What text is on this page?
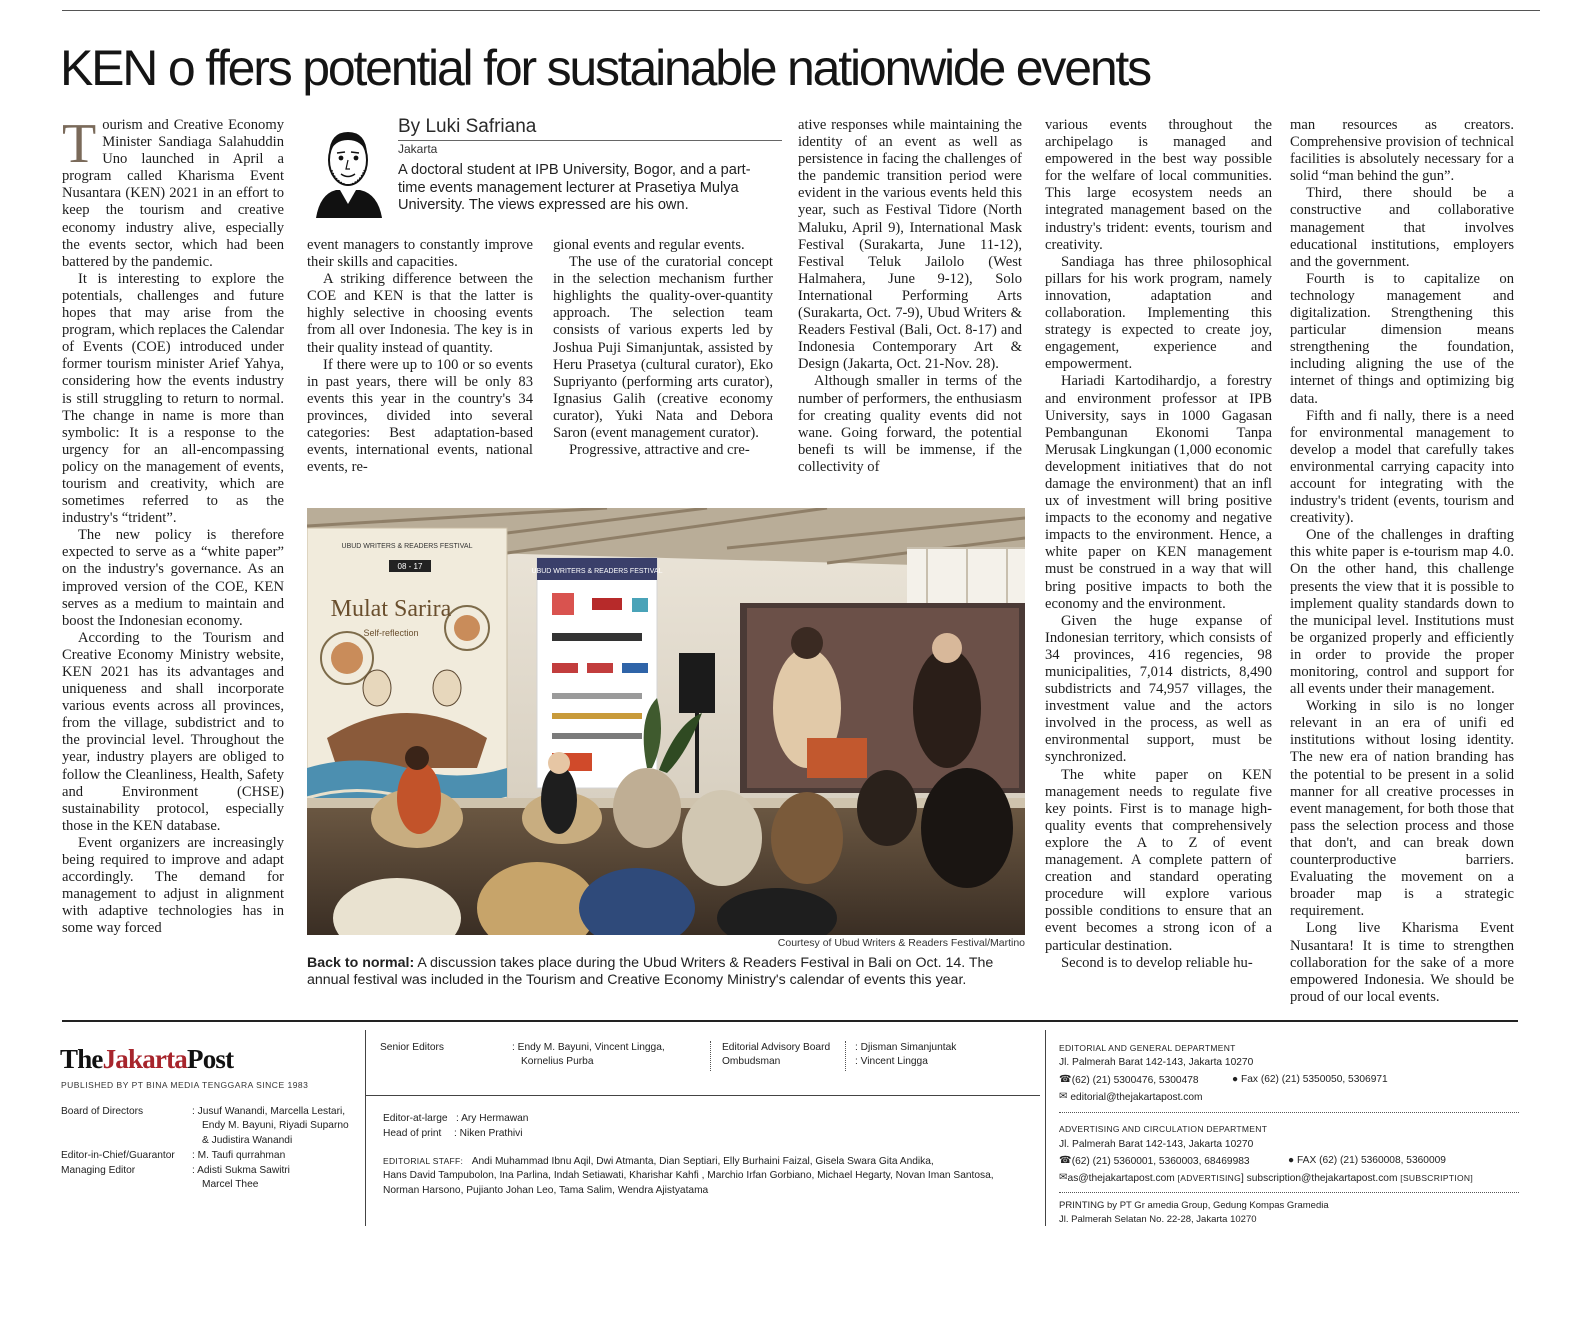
KEN o ffers potential for sustainable nationwide events

Tourism and Creative Economy Minister Sandiaga Salahuddin Uno launched in April a program called Kharisma Event Nusantara (KEN) 2021 in an effort to keep the tourism and creative economy industry alive, especially the events sector, which had been battered by the pandemic.

It is interesting to explore the potentials, challenges and future hopes that may arise from the program, which replaces the Calendar of Events (COE) introduced under former tourism minister Arief Yahya, considering how the events industry is still struggling to return to normal. The change in name is more than symbolic: It is a response to the urgency for an all-encompassing policy on the management of events, tourism and creativity, which are sometimes referred to as the industry's “trident”.

The new policy is therefore expected to serve as a “white paper” on the industry's governance. As an improved version of the COE, KEN serves as a medium to maintain and boost the Indonesian economy.

According to the Tourism and Creative Economy Ministry website, KEN 2021 has its advantages and uniqueness and shall incorporate various events across all provinces, from the village, subdistrict and to the provincial level. Throughout the year, industry players are obliged to follow the Cleanliness, Health, Safety and Environment (CHSE) sustainability protocol, especially those in the KEN database.

Event organizers are increasingly being required to improve and adapt accordingly. The demand for management to adjust in alignment with adaptive technologies has in some way forced

By Luki Safriana
Jakarta
A doctoral student at IPB University, Bogor, and a part-time events management lecturer at Prasetiya Mulya University. The views expressed are his own.

event managers to constantly improve their skills and capacities.

A striking difference between the COE and KEN is that the latter is highly selective in choosing events from all over Indonesia. The key is in their quality instead of quantity.

If there were up to 100 or so events in past years, there will be only 83 events this year in the country's 34 provinces, divided into several categories: Best adaptation-based events, international events, national events, re-

gional events and regular events.

The use of the curatorial concept in the selection mechanism further highlights the quality-over-quantity approach. The selection team consists of various experts led by Joshua Puji Simanjuntak, assisted by Heru Prasetya (cultural curator), Eko Supriyanto (performing arts curator), Ignasius Galih (creative economy curator), Yuki Nata and Debora Saron (event management curator).

Progressive, attractive and cre-

ative responses while maintaining the identity of an event as well as persistence in facing the challenges of the pandemic transition period were evident in the various events held this year, such as Festival Tidore (North Maluku, April 9), International Mask Festival (Surakarta, June 11-12), Festival Teluk Jailolo (West Halmahera, June 9-12), Solo International Performing Arts (Surakarta, Oct. 7-9), Ubud Writers & Readers Festival (Bali, Oct. 8-17) and Indonesia Contemporary Art & Design (Jakarta, Oct. 21-Nov. 28).

Although smaller in terms of the number of performers, the enthusiasm for creating quality events did not wane. Going forward, the potential benefi ts will be immense, if the collectivity of

various events throughout the archipelago is managed and empowered in the best way possible for the welfare of local communities. This large ecosystem needs an integrated management based on the industry's trident: events, tourism and creativity.

Sandiaga has three philosophical pillars for his work program, namely innovation, adaptation and collaboration. Implementing this strategy is expected to create joy, engagement, experience and empowerment.

Hariadi Kartodihardjo, a forestry and environment professor at IPB University, says in 1000 Gagasan Pembangunan Ekonomi Tanpa Merusak Lingkungan (1,000 economic development initiatives that do not damage the environment) that an infl ux of investment will bring positive impacts to the economy and negative impacts to the environment. Hence, a white paper on KEN management must be construed in a way that will bring positive impacts to both the economy and the environment.

Given the huge expanse of Indonesian territory, which consists of 34 provinces, 416 regencies, 98 municipalities, 7,014 districts, 8,490 subdistricts and 74,957 villages, the investment value and the actors involved in the process, as well as environmental support, must be synchronized.

The white paper on KEN management needs to regulate five key points. First is to manage high-quality events that comprehensively explore the A to Z of event management. A complete pattern of creation and standard operating procedure will explore various possible conditions to ensure that an event becomes a strong icon of a particular destination.

Second is to develop reliable hu-

man resources as creators. Comprehensive provision of technical facilities is absolutely necessary for a solid “man behind the gun”.

Third, there should be a constructive and collaborative management that involves educational institutions, employers and the government.

Fourth is to capitalize on technology management and digitalization. Strengthening this particular dimension means strengthening the foundation, including aligning the use of the internet of things and optimizing big data.

Fifth and fi nally, there is a need for environmental management to develop a model that carefully takes environmental carrying capacity into account for integrating with the industry's trident (events, tourism and creativity).

One of the challenges in drafting this white paper is e-tourism map 4.0. On the other hand, this challenge presents the view that it is possible to implement quality standards down to the municipal level. Institutions must be organized properly and efficiently in order to provide the proper monitoring, control and support for all events under their management.

Working in silo is no longer relevant in an era of unifi ed institutions without losing identity. The new era of nation branding has the potential to be present in a solid manner for all creative processes in event management, for both those that pass the selection process and those that don't, and can break down counterproductive barriers. Evaluating the movement on a broader map is a strategic requirement.

Long live Kharisma Event Nusantara! It is time to strengthen collaboration for the sake of a more empowered Indonesia. We should be proud of our local events.

Mulat Sarira
Self-reflection
UBUD WRITERS & READERS FESTIVAL
08 - 17
UBUD WRITERS & READERS FESTIVAL
Courtesy of Ubud Writers & Readers Festival/Martino
Back to normal: A discussion takes place during the Ubud Writers & Readers Festival in Bali on Oct. 14. The annual festival was included in the Tourism and Creative Economy Ministry's calendar of events this year.
TheJakartaPost
PUBLISHED BY PT BINA MEDIA TENGGARA SINCE 1983
Board of Directors	: Jusuf Wanandi, Marcella Lestari,
Endy M. Bayuni, Riyadi Suparno
& Judistira Wanandi
Editor-in-Chief/Guarantor : M. Taufi qurrahman
Managing Editor	: Adisti Sukma Sawitri
Marcel Thee
Senior Editors	: Endy M. Bayuni, Vincent Lingga,
Kornelius Purba
Editorial Advisory Board
Ombudsman
: Djisman Simanjuntak
: Vincent Lingga
Editor-at-large : Ary Hermawan
Head of print : Niken Prathivi
EDITORIAL STAFF: Andi Muhammad Ibnu Aqil, Dwi Atmanta, Dian Septiari, Elly Burhaini Faizal, Gisela Swara Gita Andika,
Hans David Tampubolon, Ina Parlina, Indah Setiawati, Kharishar Kahfi , Marchio Irfan Gorbiano, Michael Hegarty, Novan Iman Santosa,
Norman Harsono, Pujianto Johan Leo, Tama Salim, Wendra Ajistyatama
EDITORIAL AND GENERAL DEPARTMENT
Jl. Palmerah Barat 142-143, Jakarta 10270
☎(62) (21) 5300476, 5300478	● Fax (62) (21) 5350050, 5306971
✉ editorial@thejakartapost.com
ADVERTISING AND CIRCULATION DEPARTMENT
Jl. Palmerah Barat 142-143, Jakarta 10270
☎(62) (21) 5360001, 5360003, 68469983	● FAX (62) (21) 5360008, 5360009
✉as@thejakartapost.com [ADVERTISING] subscription@thejakartapost.com [SUBSCRIPTION]
PRINTING by PT Gr amedia Group, Gedung Kompas Gramedia
Jl. Palmerah Selatan No. 22-28, Jakarta 10270
